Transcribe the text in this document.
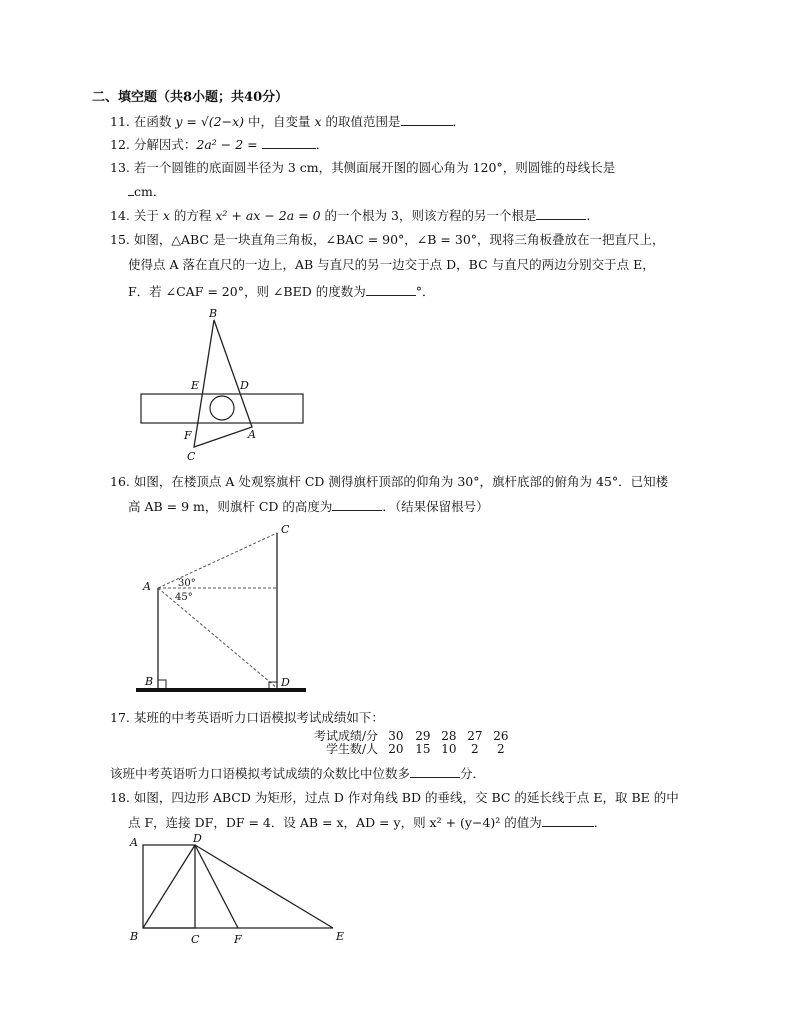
二、填空题（共8小题；共40分）
11. 在函数 y = √(2−x) 中，自变量 x 的取值范围是	．
12. 分解因式：2a² − 2 =	．
13. 若一个圆锥的底面圆半径为 3 cm，其侧面展开图的圆心角为 120°，则圆锥的母线长是
cm．
14. 关于 x 的方程 x² + ax − 2a = 0 的一个根为 3，则该方程的另一个根是	．
15. 如图，△ABC 是一块直角三角板，∠BAC = 90°，∠B = 30°，现将三角板叠放在一把直尺上，
使得点 A 落在直尺的一边上，AB 与直尺的另一边交于点 D，BC 与直尺的两边分别交于点 E，
F．若 ∠CAF = 20°，则 ∠BED 的度数为	°．
B
E	D
F	A
C
16. 如图，在楼顶点 A 处观察旗杆 CD 测得旗杆顶部的仰角为 30°，旗杆底部的俯角为 45°．已知楼
高 AB = 9 m，则旗杆 CD 的高度为	．（结果保留根号）
A
B
C
D
30°
45°
17. 某班的中考英语听力口语模拟考试成绩如下：
考试成绩/分 30 29 28 27 26
学生数/人 20 15 10 2 2
该班中考英语听力口语模拟考试成绩的众数比中位数多	分．
18. 如图，四边形 ABCD 为矩形，过点 D 作对角线 BD 的垂线，交 BC 的延长线于点 E，取 BE 的中
点 F，连接 DF，DF = 4．设 AB = x，AD = y，则 x² + (y−4)² 的值为	．
A	D
B	C	F	E
